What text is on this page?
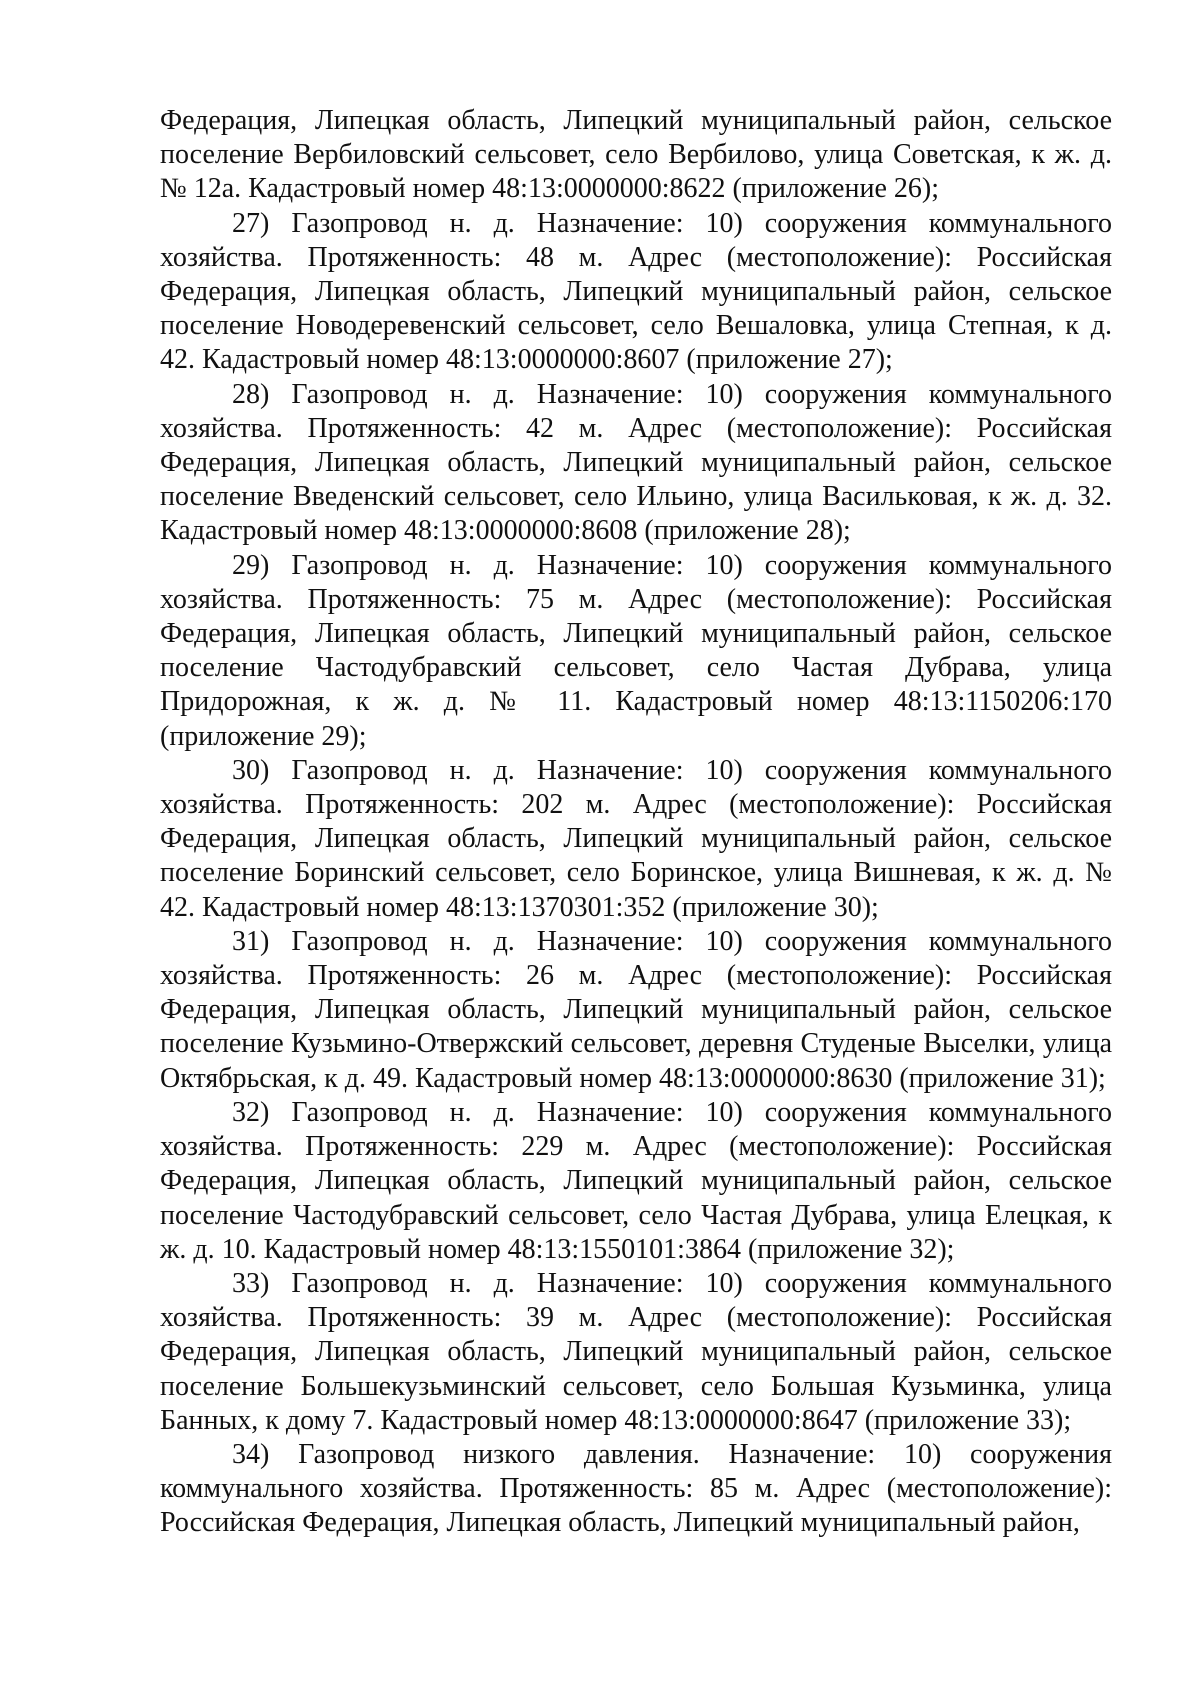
Федерация, Липецкая область, Липецкий муниципальный район, сельское поселение Вербиловский сельсовет, село Вербилово, улица Советская, к ж. д. № 12а. Кадастровый номер 48:13:0000000:8622 (приложение 26);

27) Газопровод н. д. Назначение: 10) сооружения коммунального хозяйства. Протяженность: 48 м. Адрес (местоположение): Российская Федерация, Липецкая область, Липецкий муниципальный район, сельское поселение Новодеревенский сельсовет, село Вешаловка, улица Степная, к д. 42. Кадастровый номер 48:13:0000000:8607 (приложение 27);

28) Газопровод н. д. Назначение: 10) сооружения коммунального хозяйства. Протяженность: 42 м. Адрес (местоположение): Российская Федерация, Липецкая область, Липецкий муниципальный район, сельское поселение Введенский сельсовет, село Ильино, улица Васильковая, к ж. д. 32. Кадастровый номер 48:13:0000000:8608 (приложение 28);

29) Газопровод н. д. Назначение: 10) сооружения коммунального хозяйства. Протяженность: 75 м. Адрес (местоположение): Российская Федерация, Липецкая область, Липецкий муниципальный район, сельское поселение Частодубравский сельсовет, село Частая Дубрава, улица Придорожная, к ж. д. № 11. Кадастровый номер 48:13:1150206:170 (приложение 29);

30) Газопровод н. д. Назначение: 10) сооружения коммунального хозяйства. Протяженность: 202 м. Адрес (местоположение): Российская Федерация, Липецкая область, Липецкий муниципальный район, сельское поселение Боринский сельсовет, село Боринское, улица Вишневая, к ж. д. № 42. Кадастровый номер 48:13:1370301:352 (приложение 30);

31) Газопровод н. д. Назначение: 10) сооружения коммунального хозяйства. Протяженность: 26 м. Адрес (местоположение): Российская Федерация, Липецкая область, Липецкий муниципальный район, сельское поселение Кузьмино-Отвержский сельсовет, деревня Студеные Выселки, улица Октябрьская, к д. 49. Кадастровый номер 48:13:0000000:8630 (приложение 31);

32) Газопровод н. д. Назначение: 10) сооружения коммунального хозяйства. Протяженность: 229 м. Адрес (местоположение): Российская Федерация, Липецкая область, Липецкий муниципальный район, сельское поселение Частодубравский сельсовет, село Частая Дубрава, улица Елецкая, к ж. д. 10. Кадастровый номер 48:13:1550101:3864 (приложение 32);

33) Газопровод н. д. Назначение: 10) сооружения коммунального хозяйства. Протяженность: 39 м. Адрес (местоположение): Российская Федерация, Липецкая область, Липецкий муниципальный район, сельское поселение Большекузьминский сельсовет, село Большая Кузьминка, улица Банных, к дому 7. Кадастровый номер 48:13:0000000:8647 (приложение 33);

34) Газопровод низкого давления. Назначение: 10) сооружения коммунального хозяйства. Протяженность: 85 м. Адрес (местоположение): Российская Федерация, Липецкая область, Липецкий муниципальный район,
